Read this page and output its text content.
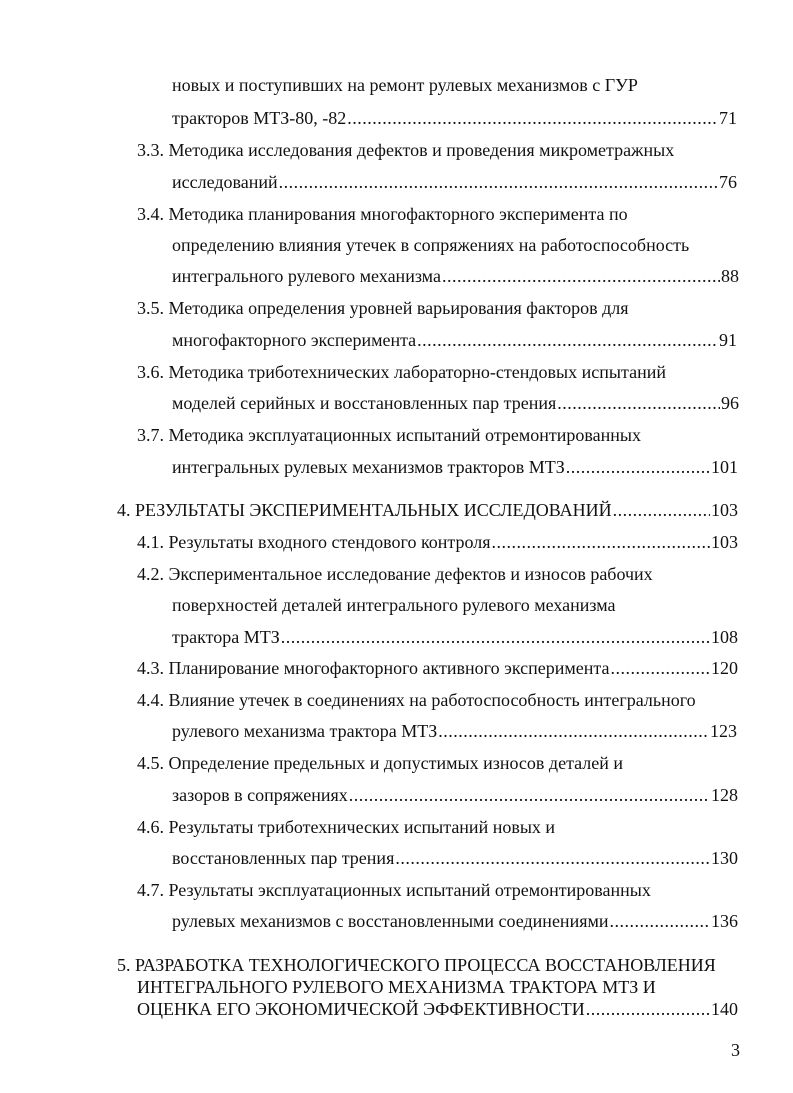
новых и поступивших на ремонт рулевых механизмов с ГУР
тракторов МТЗ-80, -82 .....	71
3.3. Методика исследования дефектов и проведения микрометражных
исследований .....	76
3.4. Методика планирования многофакторного эксперимента по
определению влияния утечек в сопряжениях на работоспособность
интегрального рулевого механизма .....	88
3.5. Методика определения уровней варьирования факторов для
многофакторного эксперимента .....	91
3.6. Методика триботехнических лабораторно-стендовых испытаний
моделей серийных и восстановленных пар трения .....	96
3.7. Методика эксплуатационных испытаний отремонтированных
интегральных рулевых механизмов тракторов МТЗ .....	101
4. РЕЗУЛЬТАТЫ ЭКСПЕРИМЕНТАЛЬНЫХ ИССЛЕДОВАНИЙ .....	103
4.1. Результаты входного стендового контроля .....	103
4.2. Экспериментальное исследование дефектов и износов рабочих
поверхностей деталей интегрального рулевого механизма
трактора МТЗ .....	108
4.3. Планирование многофакторного активного эксперимента .....	120
4.4. Влияние утечек в соединениях на работоспособность интегрального
рулевого механизма трактора МТЗ .....	123
4.5. Определение предельных и допустимых износов деталей и
зазоров в сопряжениях .....	128
4.6. Результаты триботехнических испытаний новых и
восстановленных пар трения .....	130
4.7. Результаты эксплуатационных испытаний отремонтированных
рулевых механизмов с восстановленными соединениями .....	136
5. РАЗРАБОТКА ТЕХНОЛОГИЧЕСКОГО ПРОЦЕССА ВОССТАНОВЛЕНИЯ
ИНТЕГРАЛЬНОГО РУЛЕВОГО МЕХАНИЗМА ТРАКТОРА МТЗ И
ОЦЕНКА ЕГО ЭКОНОМИЧЕСКОЙ ЭФФЕКТИВНОСТИ .....	140
3
